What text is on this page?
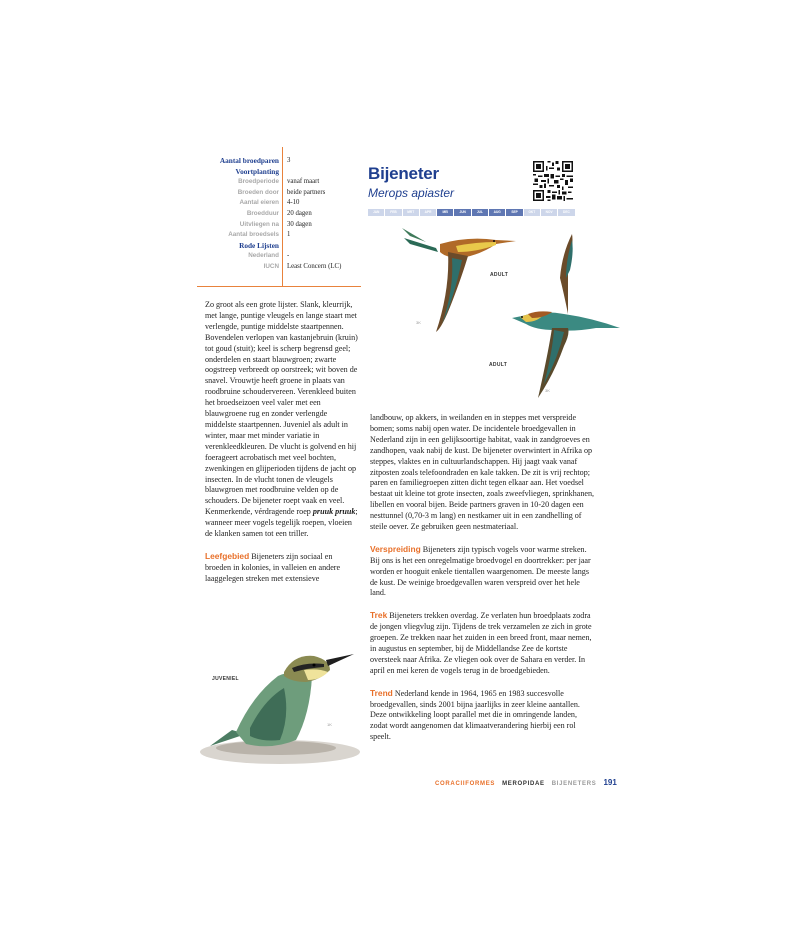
Aantal broedparen	3
Voortplanting
Broedperiode	vanaf maart
Broeden door	beide partners
Aantal eieren	4-10
Broedduur	20 dagen
Uitvliegen na	30 dagen
Aantal broedsels	1
Rode Lijsten
Nederland	-
IUCN	Least Concern (LC)
Bijeneter
Merops apiaster
JAN	FEB	MRT	APR	MEI	JUN	JUL	AUG	SEP	OKT	NOV	DEC
ADULT
3K
ADULT
3K
JUVENIEL
1K

Zo groot als een grote lijster. Slank, kleurrijk, met lange, puntige vleugels en lange staart met verlengde, puntige middelste staartpennen. Bovendelen verlopen van kastanjebruin (kruin) tot goud (stuit); keel is scherp begrensd geel; onderdelen en staart blauwgroen; zwarte oogstreep verbreedt op oorstreek; wit boven de snavel. Vrouwtje heeft groene in plaats van roodbruine schoudervereen. Verenkleed buiten het broedseizoen veel valer met een blauwgroene rug en zonder verlengde middelste staartpennen. Juveniel als adult in winter, maar met minder variatie in verenkleedkleuren. De vlucht is golvend en hij foerageert acrobatisch met veel bochten, zwenkingen en glijperioden tijdens de jacht op insecten. In de vlucht tonen de vleugels blauwgroen met roodbruine velden op de schouders. De bijeneter roept vaak en veel. Kenmerkende, vérdragende roep pruuk pruuk; wanneer meer vogels tegelijk roepen, vloeien de klanken samen tot een triller.

Leefgebied Bijeneters zijn sociaal en broeden in kolonies, in valleien en andere laaggelegen streken met extensieve

landbouw, op akkers, in weilanden en in steppes met verspreide bomen; soms nabij open water. De incidentele broedgevallen in Nederland zijn in een gelijksoortige habitat, vaak in zandgroeves en zandhopen, vaak nabij de kust. De bijeneter overwintert in Afrika op steppes, vlaktes en in cultuurlandschappen. Hij jaagt vaak vanaf zitposten zoals telefoondraden en kale takken. De zit is vrij rechtop; paren en familiegroepen zitten dicht tegen elkaar aan. Het voedsel bestaat uit kleine tot grote insecten, zoals zweefvliegen, sprinkhanen, libellen en vooral bijen. Beide partners graven in 10-20 dagen een nesttunnel (0,70-3 m lang) en nestkamer uit in een zandhelling of steile oever. Ze gebruiken geen nestmateriaal.

Verspreiding Bijeneters zijn typisch vogels voor warme streken. Bij ons is het een onregelmatige broedvogel en doortrekker: per jaar worden er hooguit enkele tientallen waargenomen. De meeste langs de kust. De weinige broedgevallen waren verspreid over het hele land.

Trek Bijeneters trekken overdag. Ze verlaten hun broedplaats zodra de jongen vliegvlug zijn. Tijdens de trek verzamelen ze zich in grote groepen. Ze trekken naar het zuiden in een breed front, maar nemen, in augustus en september, bij de Middellandse Zee de kortste oversteek naar Afrika. Ze vliegen ook over de Sahara en verder. In april en mei keren de vogels terug in de broedgebieden.

Trend Nederland kende in 1964, 1965 en 1983 succesvolle broedgevallen, sinds 2001 bijna jaarlijks in zeer kleine aantallen. Deze ontwikkeling loopt parallel met die in omringende landen, zodat wordt aangenomen dat klimaatverandering hierbij een rol speelt.

CORACIIFORMES MEROPIDAE BIJENETERS 191
